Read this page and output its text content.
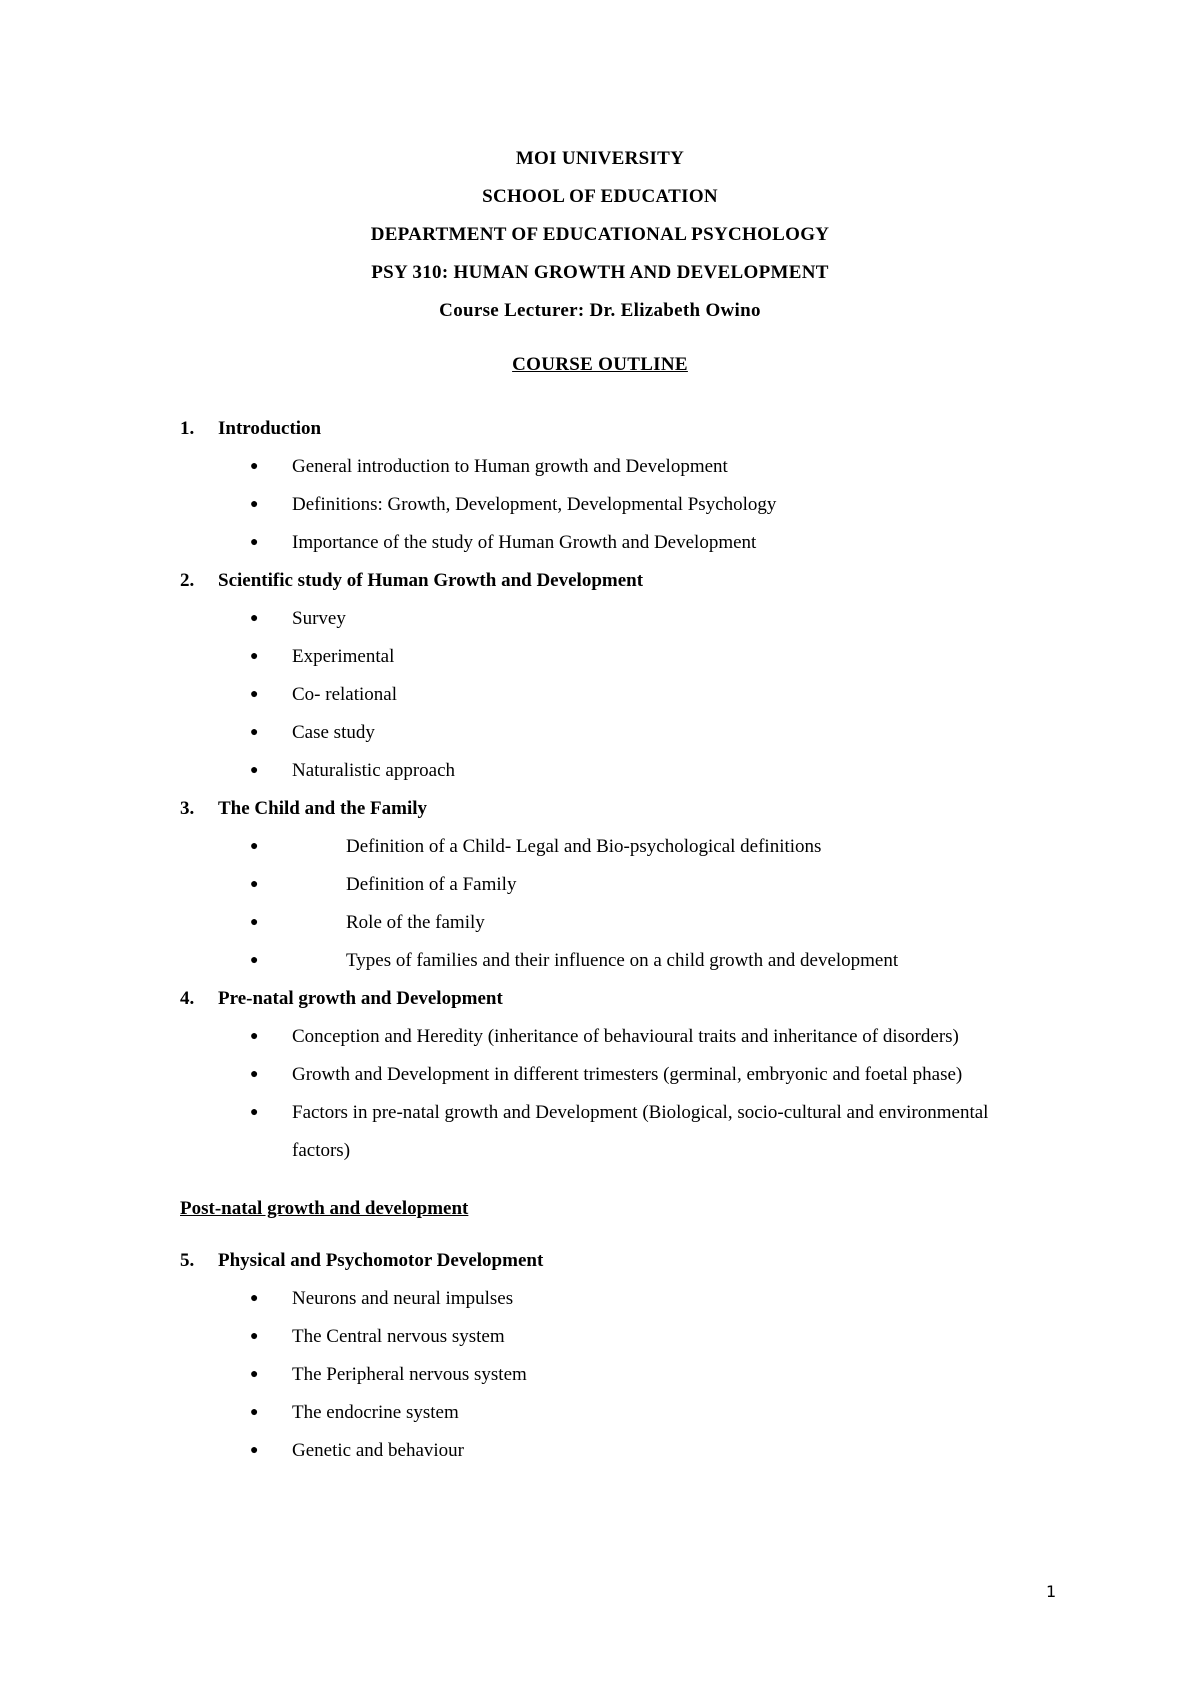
MOI UNIVERSITY
SCHOOL OF EDUCATION
DEPARTMENT OF EDUCATIONAL PSYCHOLOGY
PSY 310: HUMAN GROWTH AND DEVELOPMENT
Course Lecturer: Dr. Elizabeth Owino
COURSE OUTLINE
1.	Introduction
●	General introduction to Human growth and Development
●	Definitions: Growth, Development, Developmental Psychology
●	Importance of the study of Human Growth and Development
2.	Scientific study of Human Growth and Development
●	Survey
●	Experimental
●	Co- relational
●	Case study
●	Naturalistic approach
3.	The Child and the Family
●	Definition of a Child- Legal and Bio-psychological definitions
●	Definition of a Family
●	Role of the family
●	Types of families and their influence on a child growth and development
4.	Pre-natal growth and Development
●	Conception and Heredity (inheritance of behavioural traits and inheritance of disorders)
●	Growth and Development in different trimesters (germinal, embryonic and foetal phase)
●	Factors in pre-natal growth and Development (Biological, socio-cultural and environmental factors)
Post-natal growth and development
5.	Physical and Psychomotor Development
●	Neurons and neural impulses
●	The Central nervous system
●	The Peripheral nervous system
●	The endocrine system
●	Genetic and behaviour
1
